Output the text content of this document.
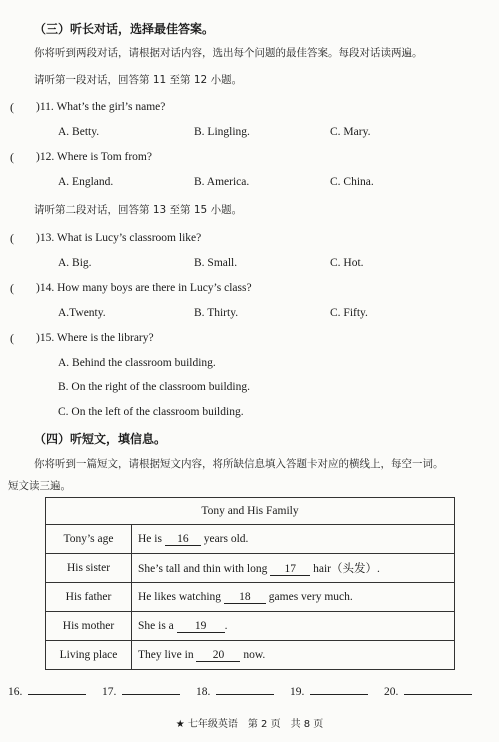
（三）听长对话，选择最佳答案。
你将听到两段对话，请根据对话内容，选出每个问题的最佳答案。每段对话读两遍。
请听第一段对话，回答第 11 至第 12 小题。
( )11. What’s the girl’s name?
A. Betty.	B. Lingling.	C. Mary.
( )12. Where is Tom from?
A. England.	B. America.	C. China.
请听第二段对话，回答第 13 至第 15 小题。
( )13. What is Lucy’s classroom like?
A. Big.	B. Small.	C. Hot.
( )14. How many boys are there in Lucy’s class?
A.Twenty.	B. Thirty.	C. Fifty.
( )15. Where is the library?
A. Behind the classroom building.
B. On the right of the classroom building.
C. On the left of the classroom building.
（四）听短文，填信息。
你将听到一篇短文，请根据短文内容，将所缺信息填入答题卡对应的横线上，每空一词。
短文读三遍。
Tony and His Family	
Tony’s age	He is 16 years old.
His sister	She’s tall and thin with long 17 hair（头发）.
His father	He likes watching 18 games very much.
His mother	She is a 19 .
Living place	They live in 20 now.
16.	17.	18.	19.	20.
★ 七年级英语　第 2 页　共 8 页
